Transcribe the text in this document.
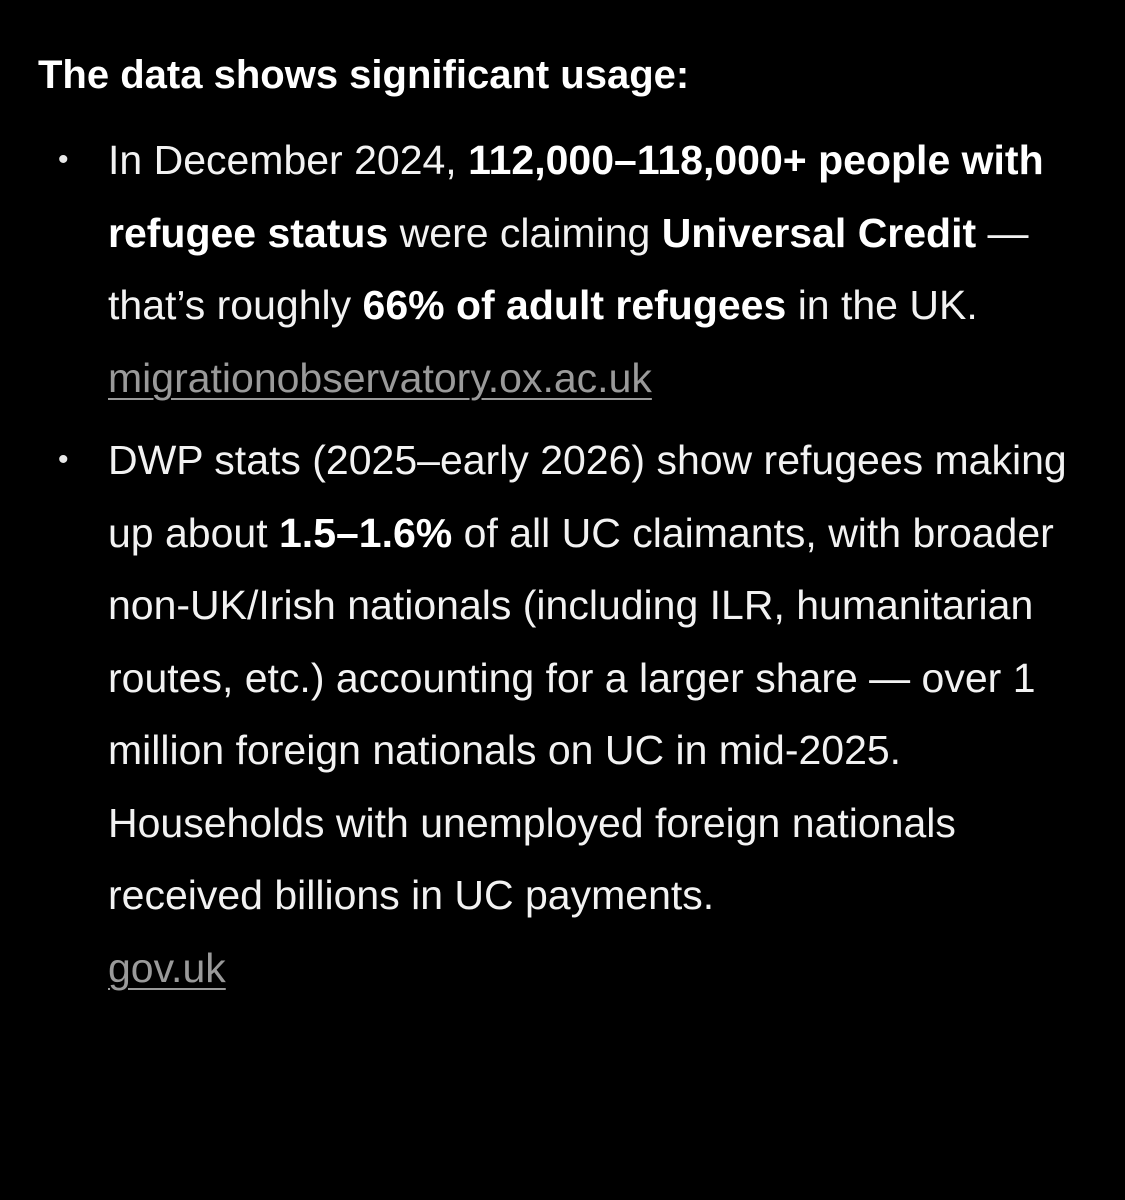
The data shows significant usage:
• In December 2024, 112,000–118,000+ people with refugee status were claiming Universal Credit — that’s roughly 66% of adult refugees in the UK.
migrationobservatory.ox.ac.uk
• DWP stats (2025–early 2026) show refugees making up about 1.5–1.6% of all UC claimants, with broader non-UK/Irish nationals (including ILR, humanitarian routes, etc.) accounting for a larger share — over 1 million foreign nationals on UC in mid-2025. Households with unemployed foreign nationals received billions in UC payments.
gov.uk
